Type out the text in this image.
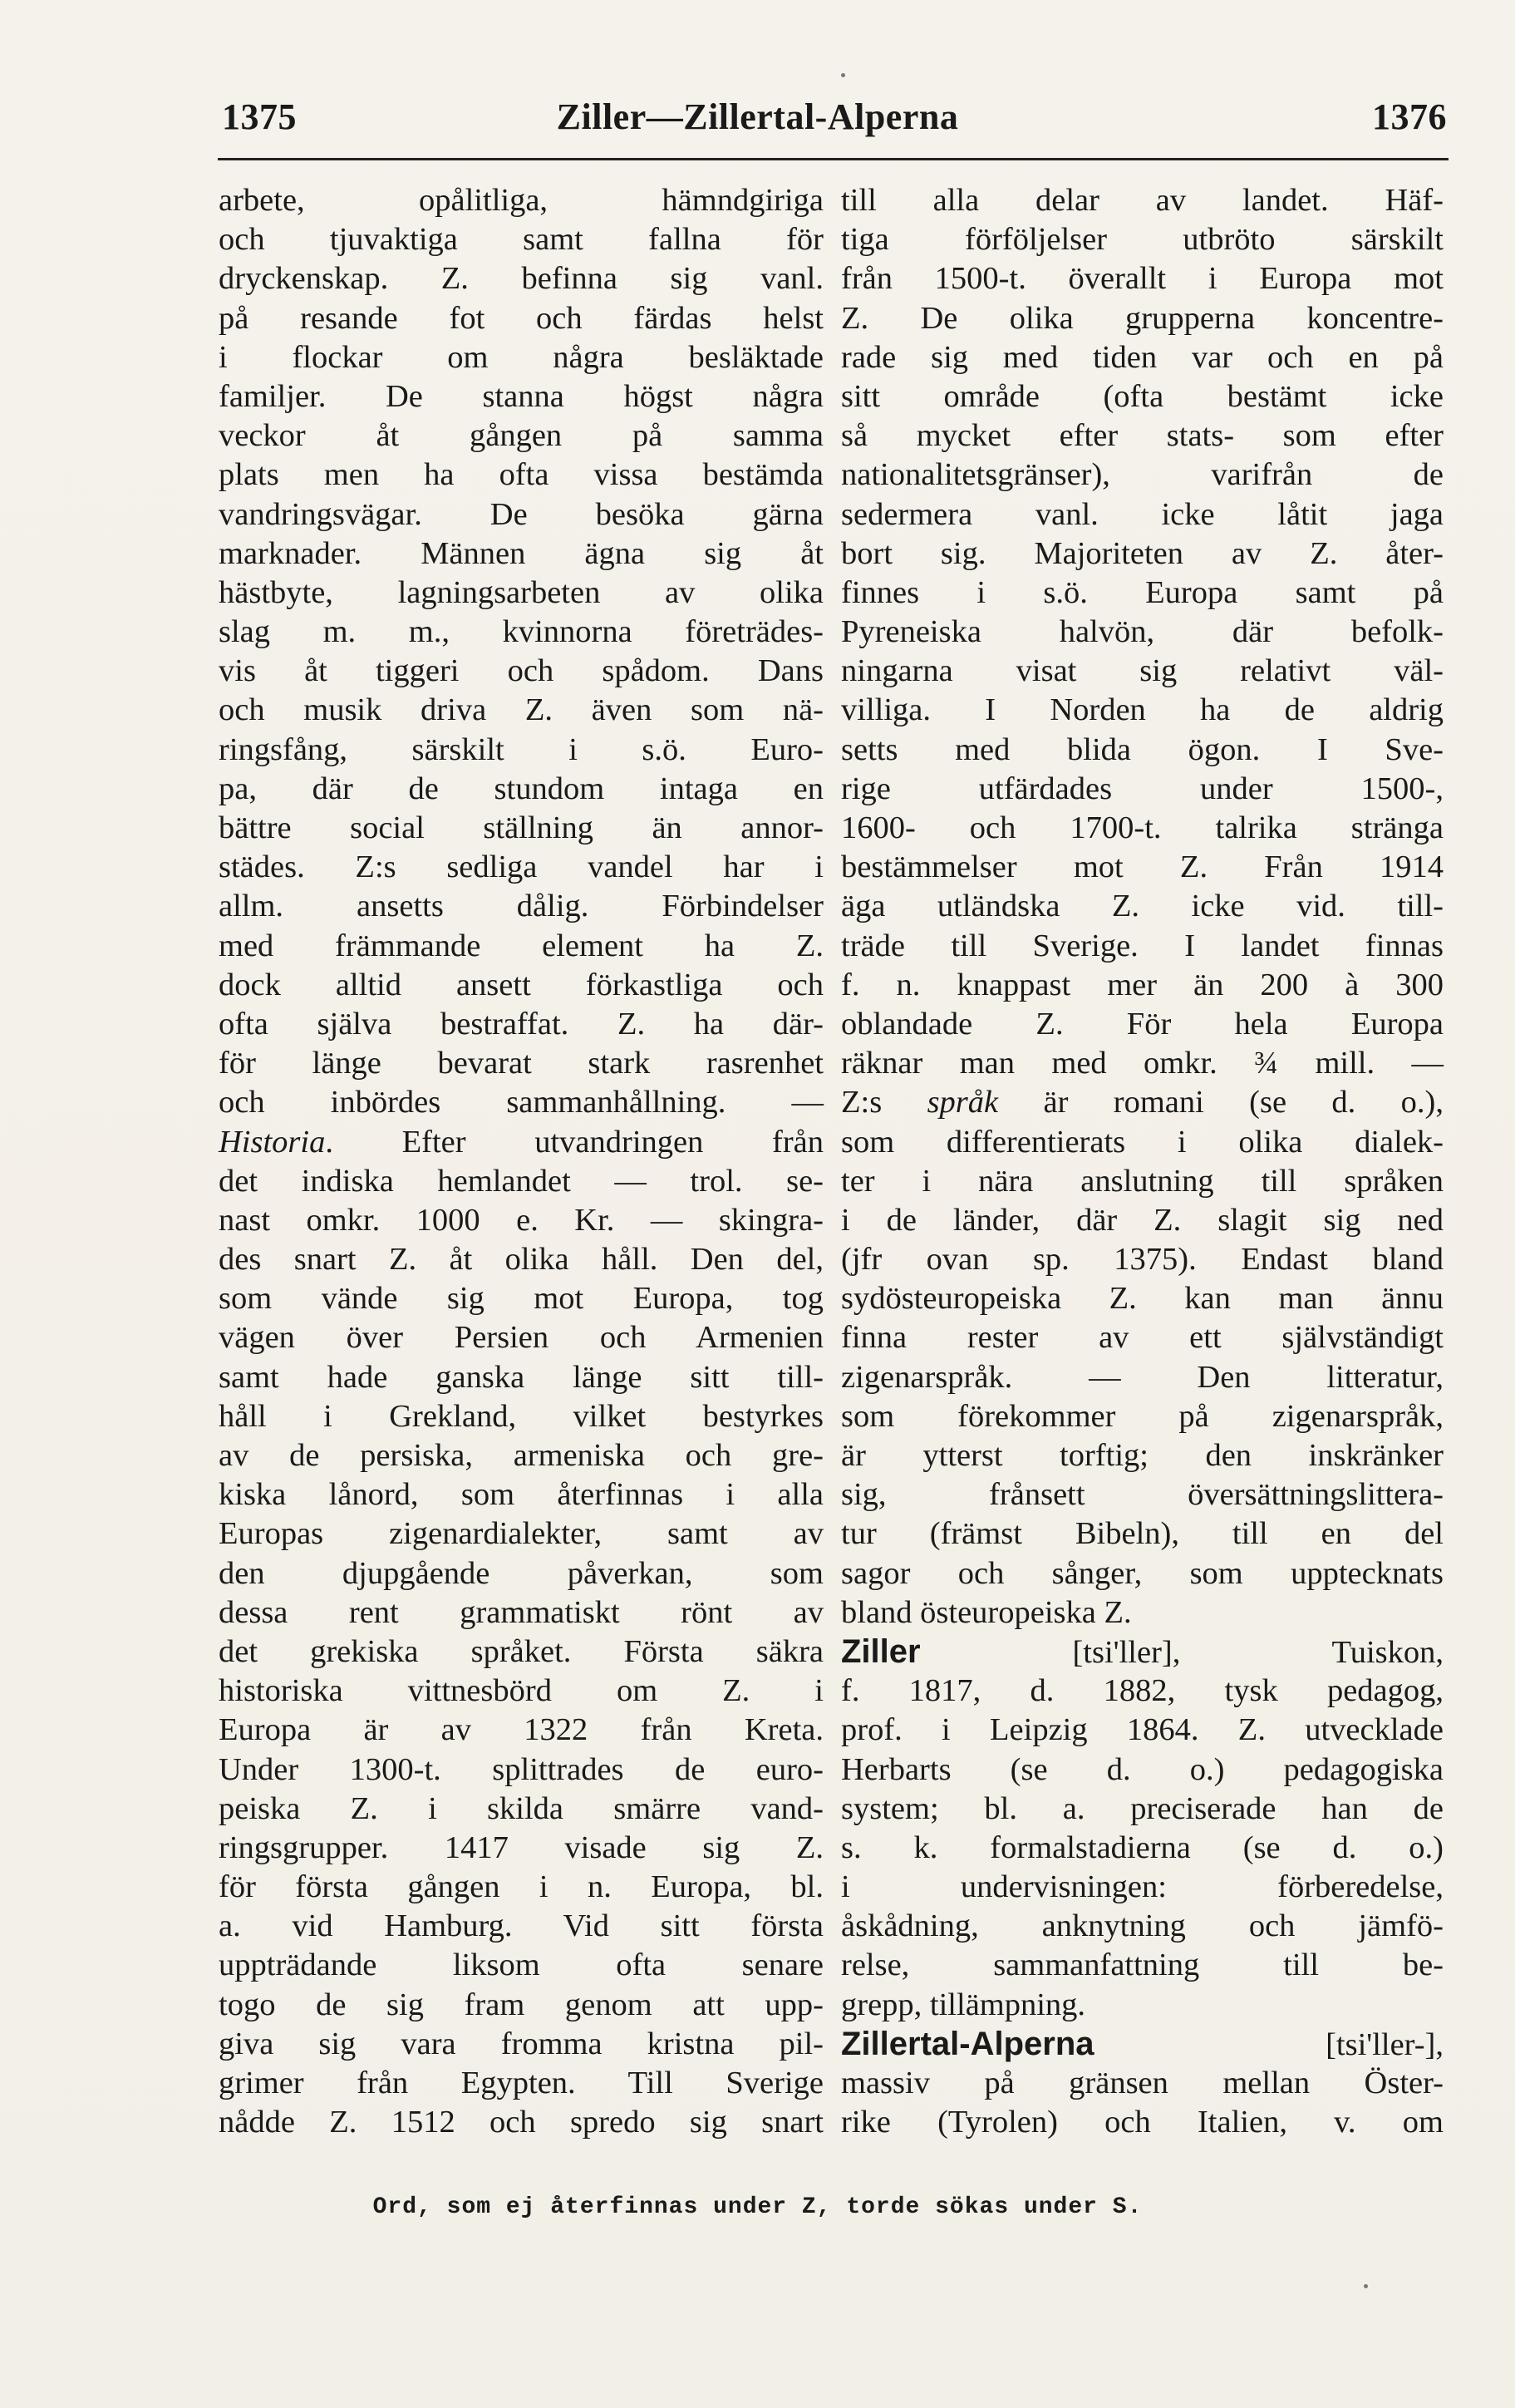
1375	Ziller—Zillertal-Alperna	1376
arbete, opålitliga, hämndgiriga
och tjuvaktiga samt fallna för
dryckenskap. Z. befinna sig vanl.
på resande fot och färdas helst
i flockar om några besläktade
familjer. De stanna högst några
veckor åt gången på samma
plats men ha ofta vissa bestämda
vandringsvägar. De besöka gärna
marknader. Männen ägna sig åt
hästbyte, lagningsarbeten av olika
slag m. m., kvinnorna företrädes-
vis åt tiggeri och spådom. Dans
och musik driva Z. även som nä-
ringsfång, särskilt i s.ö. Euro-
pa, där de stundom intaga en
bättre social ställning än annor-
städes. Z:s sedliga vandel har i
allm. ansetts dålig. Förbindelser
med främmande element ha Z.
dock alltid ansett förkastliga och
ofta själva bestraffat. Z. ha där-
för länge bevarat stark rasrenhet
och inbördes sammanhållning. —
Historia. Efter utvandringen från
det indiska hemlandet — trol. se-
nast omkr. 1000 e. Kr. — skingra-
des snart Z. åt olika håll. Den del,
som vände sig mot Europa, tog
vägen över Persien och Armenien
samt hade ganska länge sitt till-
håll i Grekland, vilket bestyrkes
av de persiska, armeniska och gre-
kiska lånord, som återfinnas i alla
Europas zigenardialekter, samt av
den djupgående påverkan, som
dessa rent grammatiskt rönt av
det grekiska språket. Första säkra
historiska vittnesbörd om Z. i
Europa är av 1322 från Kreta.
Under 1300-t. splittrades de euro-
peiska Z. i skilda smärre vand-
ringsgrupper. 1417 visade sig Z.
för första gången i n. Europa, bl.
a. vid Hamburg. Vid sitt första
uppträdande liksom ofta senare
togo de sig fram genom att upp-
giva sig vara fromma kristna pil-
grimer från Egypten. Till Sverige
nådde Z. 1512 och spredo sig snart
till alla delar av landet. Häf-
tiga förföljelser utbröto särskilt
från 1500-t. överallt i Europa mot
Z. De olika grupperna koncentre-
rade sig med tiden var och en på
sitt område (ofta bestämt icke
så mycket efter stats- som efter
nationalitetsgränser), varifrån de
sedermera vanl. icke låtit jaga
bort sig. Majoriteten av Z. åter-
finnes i s.ö. Europa samt på
Pyreneiska halvön, där befolk-
ningarna visat sig relativt väl-
villiga. I Norden ha de aldrig
setts med blida ögon. I Sve-
rige utfärdades under 1500-,
1600- och 1700-t. talrika stränga
bestämmelser mot Z. Från 1914
äga utländska Z. icke vid. till-
träde till Sverige. I landet finnas
f. n. knappast mer än 200 à 300
oblandade Z. För hela Europa
räknar man med omkr. ¾ mill. —
Z:s språk är romani (se d. o.),
som differentierats i olika dialek-
ter i nära anslutning till språken
i de länder, där Z. slagit sig ned
(jfr ovan sp. 1375). Endast bland
sydösteuropeiska Z. kan man ännu
finna rester av ett självständigt
zigenarspråk. — Den litteratur,
som förekommer på zigenarspråk,
är ytterst torftig; den inskränker
sig, frånsett översättningslittera-
tur (främst Bibeln), till en del
sagor och sånger, som upptecknats
bland östeuropeiska Z.
Ziller [tsi'ller], Tuiskon,
f. 1817, d. 1882, tysk pedagog,
prof. i Leipzig 1864. Z. utvecklade
Herbarts (se d. o.) pedagogiska
system; bl. a. preciserade han de
s. k. formalstadierna (se d. o.)
i undervisningen: förberedelse,
åskådning, anknytning och jämfö-
relse, sammanfattning till be-
grepp, tillämpning.
Zillertal-Alperna [tsi'ller-],
massiv på gränsen mellan Öster-
rike (Tyrolen) och Italien, v. om
Ord, som ej återfinnas under Z, torde sökas under S.
